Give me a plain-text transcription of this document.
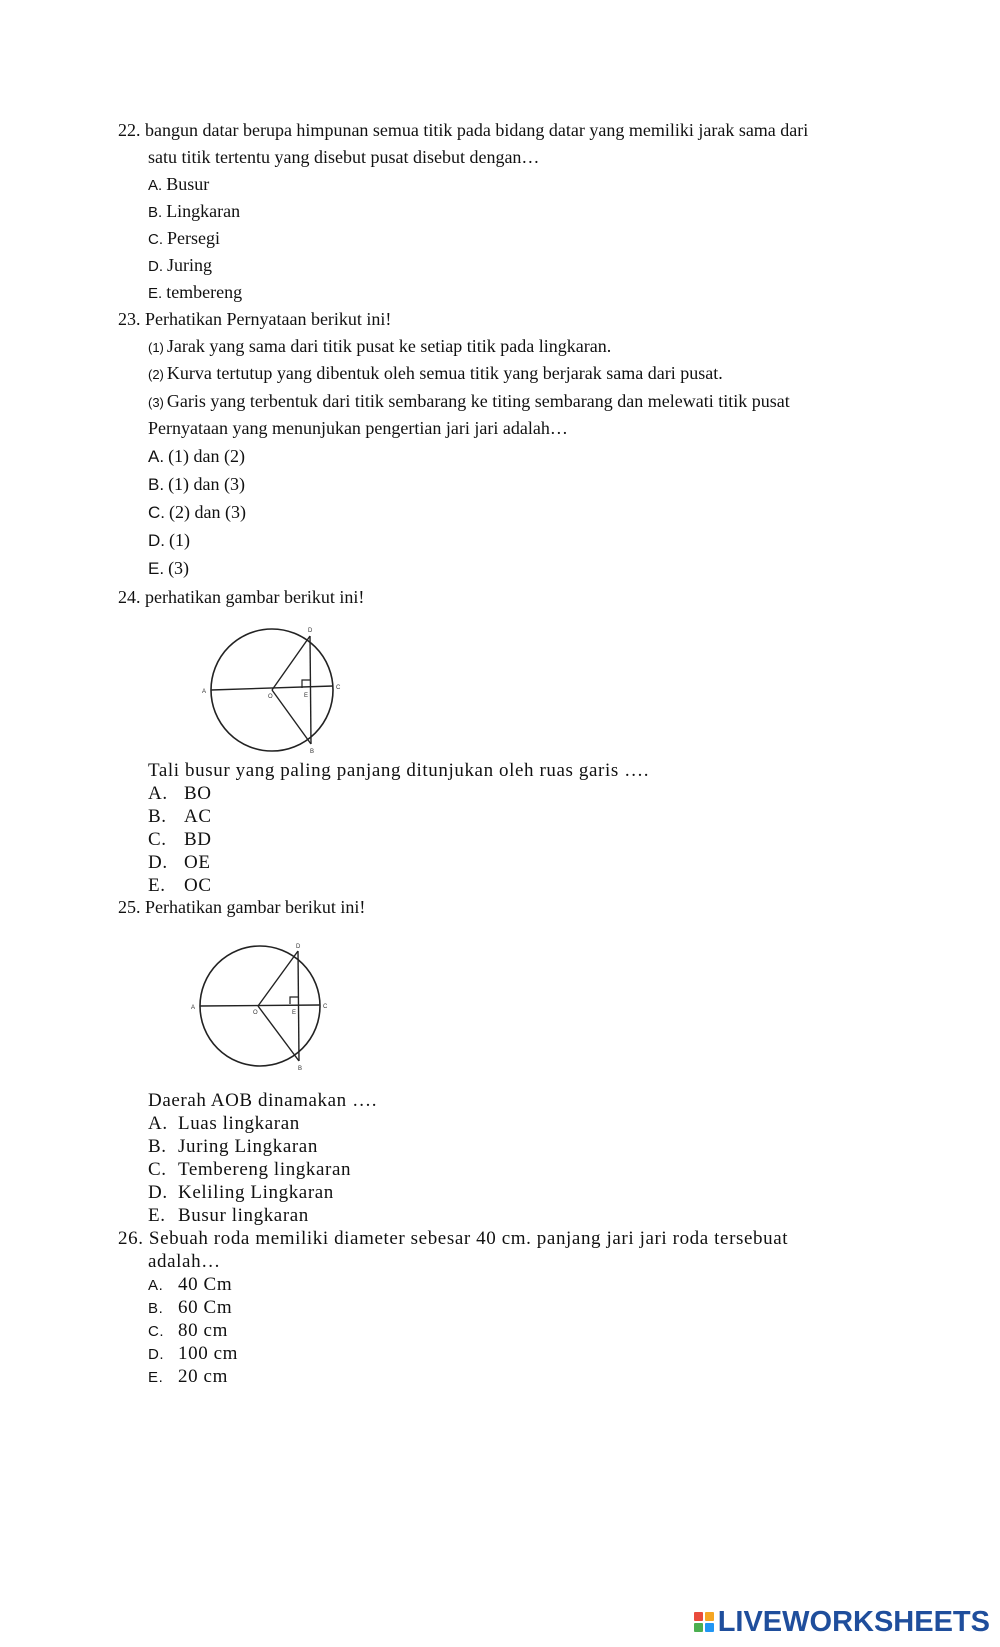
22. bangun datar berupa himpunan semua titik pada bidang datar yang memiliki jarak sama dari
satu titik tertentu yang disebut pusat disebut dengan…
A. Busur
B. Lingkaran
C. Persegi
D. Juring
E. tembereng
23. Perhatikan Pernyataan berikut ini!
(1) Jarak yang sama dari titik pusat ke setiap titik pada lingkaran.
(2) Kurva tertutup yang dibentuk oleh semua titik yang berjarak sama dari pusat.
(3) Garis yang terbentuk dari titik sembarang ke titing sembarang dan melewati titik pusat
Pernyataan yang menunjukan pengertian jari jari adalah…
A. (1) dan (2)
B. (1) dan (3)
C. (2) dan (3)
D. (1)
E. (3)
24. perhatikan gambar berikut ini!
A
O
C
D
B
E
Tali busur yang paling panjang ditunjukan oleh ruas garis ….
A. BO
B. AC
C. BD
D. OE
E. OC
25. Perhatikan gambar berikut ini!
A
O
C
D
B
E
Daerah AOB dinamakan ….
A. Luas lingkaran
B. Juring Lingkaran
C. Tembereng lingkaran
D. Keliling Lingkaran
E. Busur lingkaran
26. Sebuah roda memiliki diameter sebesar 40 cm. panjang jari jari roda tersebuat
adalah…
A. 40 Cm
B. 60 Cm
C. 80 cm
D. 100 cm
E. 20 cm
LIVEWORKSHEETS
